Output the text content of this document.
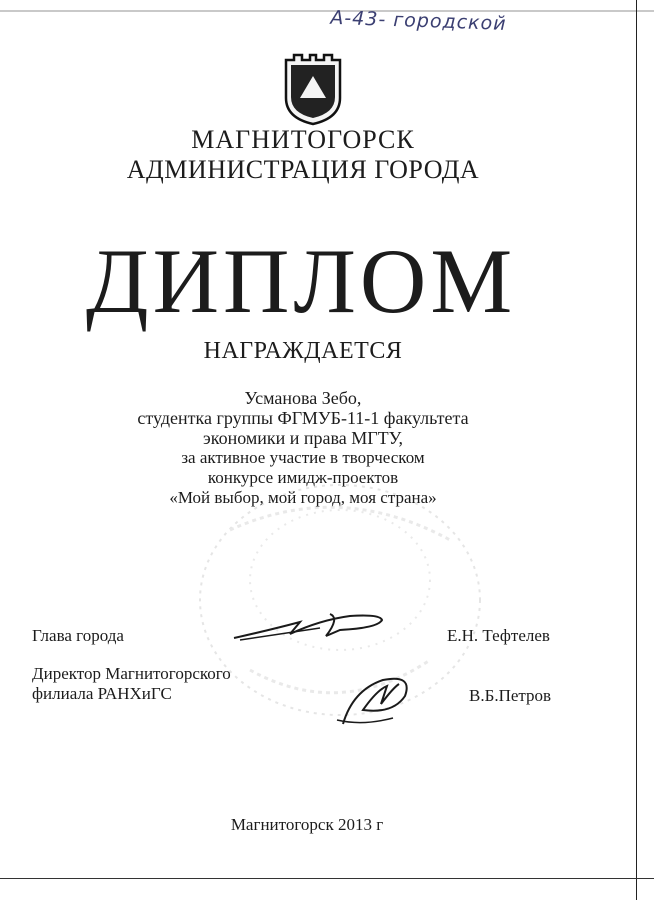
А-43- городской
МАГНИТОГОРСК
АДМИНИСТРАЦИЯ ГОРОДА
ДИПЛОМ
НАГРАЖДАЕТСЯ
Усманова Зебо,
студентка группы ФГМУБ-11-1 факультета
экономики и права МГТУ,
за активное участие в творческом
конкурсе имидж-проектов
«Мой выбор, мой город, моя страна»
Глава города	Е.Н. Тефтелев
Директор Магнитогорского
филиала РАНХиГС	В.Б.Петров
Магнитогорск 2013 г
